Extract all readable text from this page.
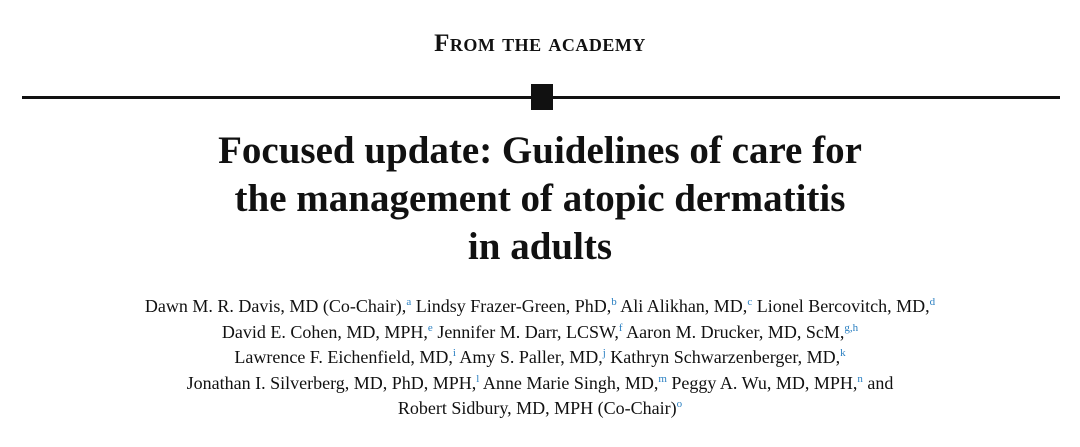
From the academy
Focused update: Guidelines of care for
the management of atopic dermatitis
in adults
Dawn M. R. Davis, MD (Co-Chair),$^a$ Lindsy Frazer-Green, PhD,$^b$ Ali Alikhan, MD,$^c$ Lionel Bercovitch, MD,$^d$
David E. Cohen, MD, MPH,$^e$ Jennifer M. Darr, LCSW,$^f$ Aaron M. Drucker, MD, ScM,$^{g,h}$
Lawrence F. Eichenfield, MD,$^i$ Amy S. Paller, MD,$^j$ Kathryn Schwarzenberger, MD,$^k$
Jonathan I. Silverberg, MD, PhD, MPH,$^l$ Anne Marie Singh, MD,$^m$ Peggy A. Wu, MD, MPH,$^n$ and
Robert Sidbury, MD, MPH (Co-Chair)$^o$
